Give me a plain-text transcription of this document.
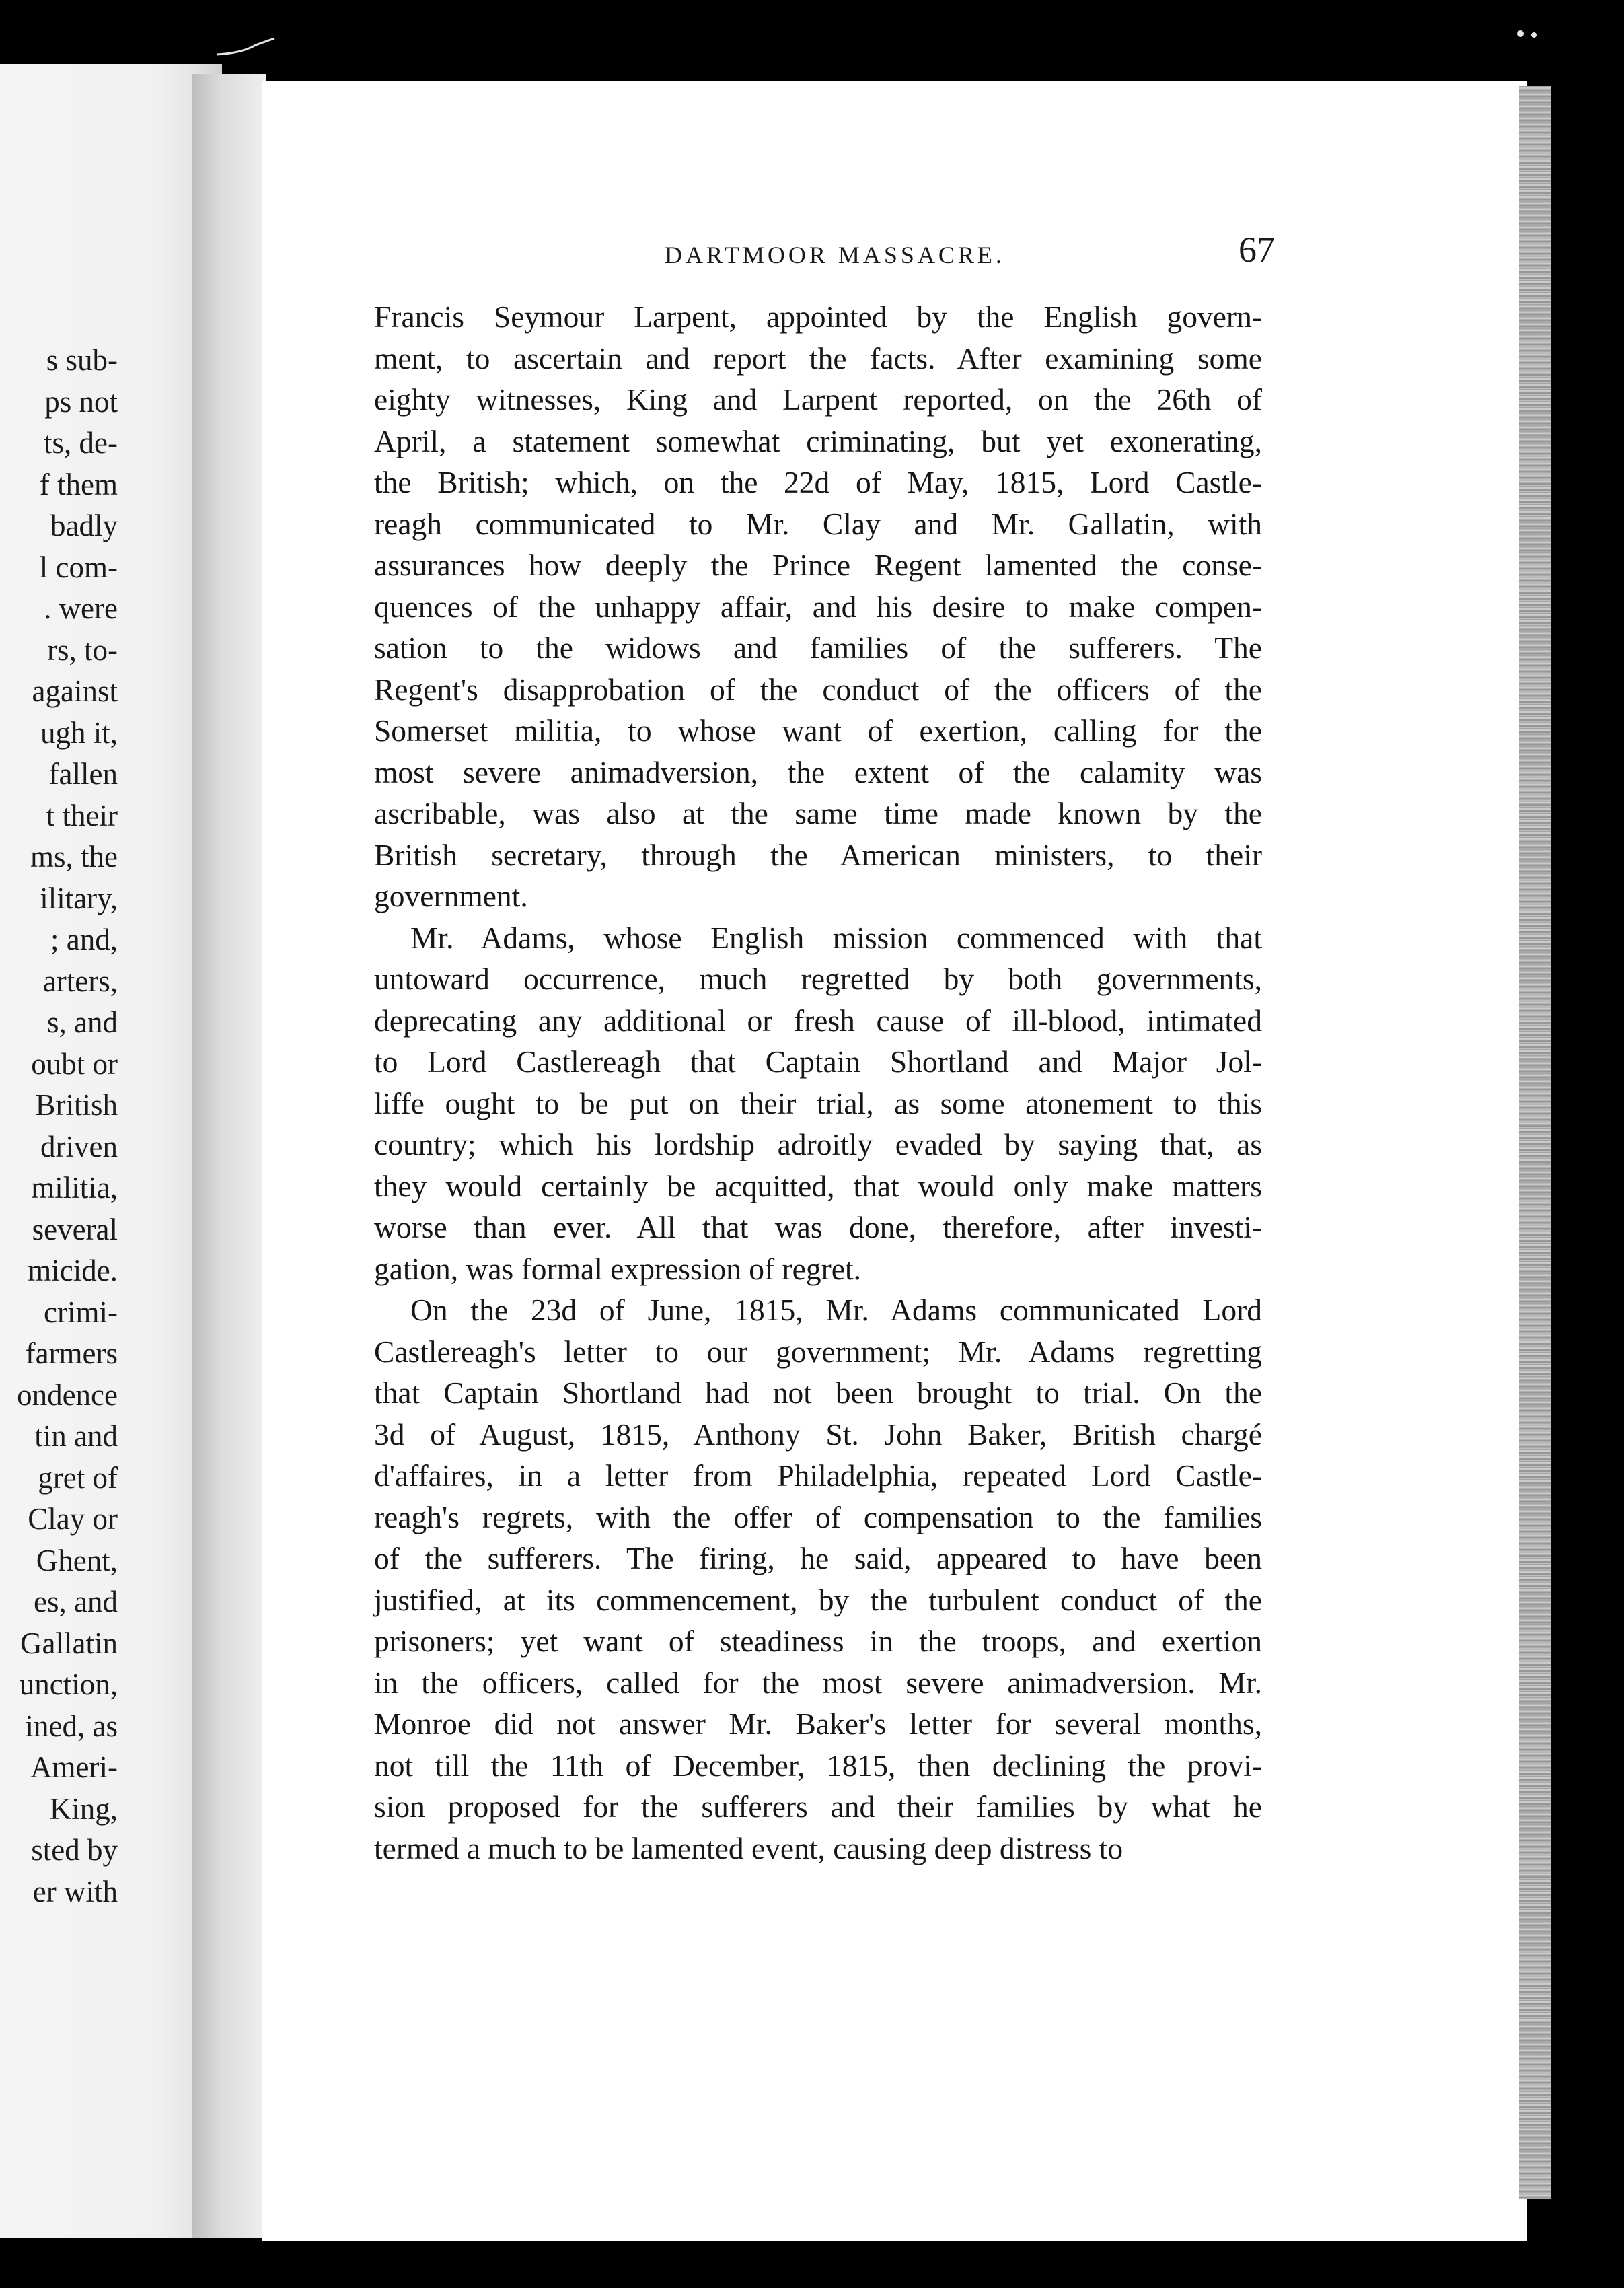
s sub-
ps not
ts, de-
f them
badly
l com-
. were
rs, to-
against
ugh it,
fallen
t their
ms, the
ilitary,
; and,
arters,
s, and
oubt or
British
driven
militia,
several
micide.
crimi-
farmers
ondence
tin and
gret of
Clay or
Ghent,
es, and
Gallatin
unction,
ined, as
Ameri-
King,
sted by
er with
DARTMOOR MASSACRE.	67
Francis Seymour Larpent, appointed by the English govern-
ment, to ascertain and report the facts. After examining some
eighty witnesses, King and Larpent reported, on the 26th of
April, a statement somewhat criminating, but yet exonerating,
the British; which, on the 22d of May, 1815, Lord Castle-
reagh communicated to Mr. Clay and Mr. Gallatin, with
assurances how deeply the Prince Regent lamented the conse-
quences of the unhappy affair, and his desire to make compen-
sation to the widows and families of the sufferers. The
Regent's disapprobation of the conduct of the officers of the
Somerset militia, to whose want of exertion, calling for the
most severe animadversion, the extent of the calamity was
ascribable, was also at the same time made known by the
British secretary, through the American ministers, to their
government.
Mr. Adams, whose English mission commenced with that
untoward occurrence, much regretted by both governments,
deprecating any additional or fresh cause of ill-blood, intimated
to Lord Castlereagh that Captain Shortland and Major Jol-
liffe ought to be put on their trial, as some atonement to this
country; which his lordship adroitly evaded by saying that, as
they would certainly be acquitted, that would only make matters
worse than ever. All that was done, therefore, after investi-
gation, was formal expression of regret.
On the 23d of June, 1815, Mr. Adams communicated Lord
Castlereagh's letter to our government; Mr. Adams regretting
that Captain Shortland had not been brought to trial. On the
3d of August, 1815, Anthony St. John Baker, British chargé
d'affaires, in a letter from Philadelphia, repeated Lord Castle-
reagh's regrets, with the offer of compensation to the families
of the sufferers. The firing, he said, appeared to have been
justified, at its commencement, by the turbulent conduct of the
prisoners; yet want of steadiness in the troops, and exertion
in the officers, called for the most severe animadversion. Mr.
Monroe did not answer Mr. Baker's letter for several months,
not till the 11th of December, 1815, then declining the provi-
sion proposed for the sufferers and their families by what he
termed a much to be lamented event, causing deep distress to
